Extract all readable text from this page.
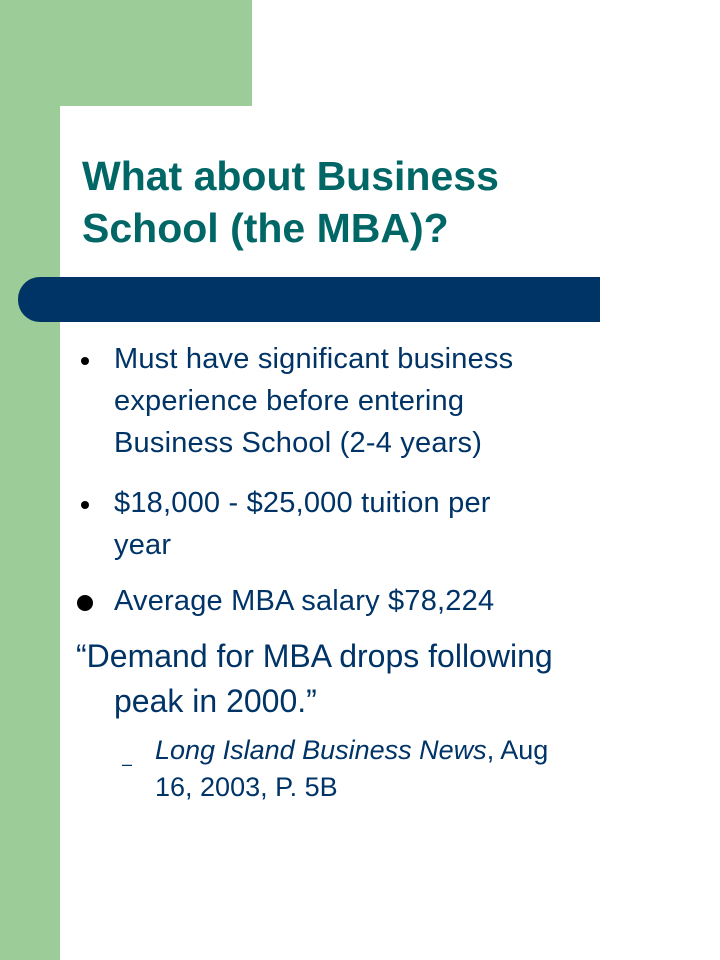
What about Business
School (the MBA)?
Must have significant business
experience before entering
Business School (2-4 years)
$18,000 - $25,000 tuition per
year
Average MBA salary $78,224
“Demand for MBA drops following
peak in 2000.”
– Long Island Business News, Aug
16, 2003, P. 5B
